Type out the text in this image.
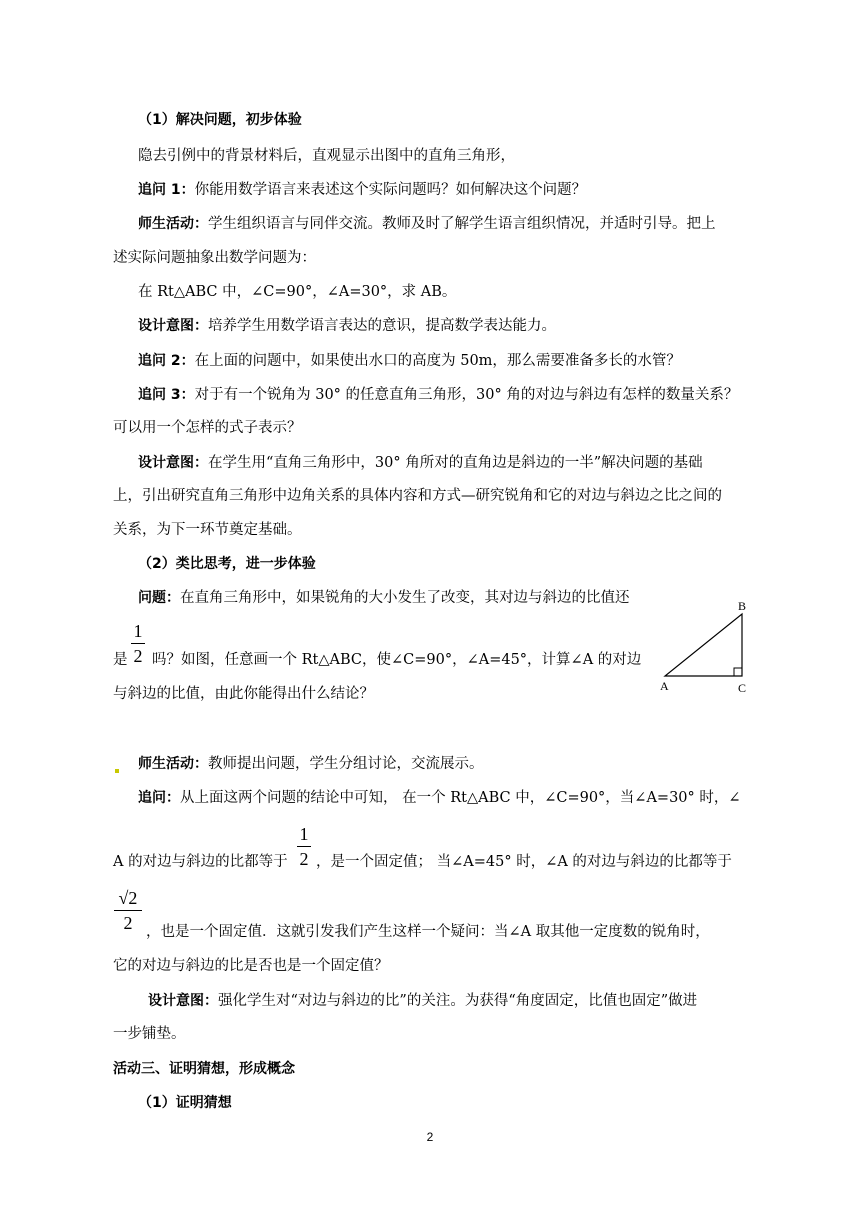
（1）解决问题，初步体验
隐去引例中的背景材料后，直观显示出图中的直角三角形，
追问 1：你能用数学语言来表述这个实际问题吗？如何解决这个问题？
师生活动：学生组织语言与同伴交流。教师及时了解学生语言组织情况，并适时引导。把上
述实际问题抽象出数学问题为：
在 Rt△ABC 中，∠C=90°，∠A=30°，求 AB。
设计意图：培养学生用数学语言表达的意识，提高数学表达能力。
追问 2：在上面的问题中，如果使出水口的高度为 50m，那么需要准备多长的水管？
追问 3：对于有一个锐角为 30° 的任意直角三角形，30° 角的对边与斜边有怎样的数量关系？
可以用一个怎样的式子表示？
设计意图：在学生用“直角三角形中，30° 角所对的直角边是斜边的一半”解决问题的基础
上，引出研究直角三角形中边角关系的具体内容和方式—研究锐角和它的对边与斜边之比之间的
关系，为下一环节奠定基础。
（2）类比思考，进一步体验
问题：在直角三角形中，如果锐角的大小发生了改变，其对边与斜边的比值还
是
1
2 吗？如图，任意画一个 Rt△ABC，使∠C=90°，∠A=45°，计算∠A 的对边
与斜边的比值，由此你能得出什么结论？
B
A	C
师生活动：教师提出问题，学生分组讨论，交流展示。
追问：从上面这两个问题的结论中可知， 在一个 Rt△ABC 中，∠C=90°，当∠A=30° 时，∠
A 的对边与斜边的比都等于
1
2 ，是一个固定值； 当∠A=45° 时，∠A 的对边与斜边的比都等于
√2
2 ，也是一个固定值．这就引发我们产生这样一个疑问：当∠A 取其他一定度数的锐角时，
它的对边与斜边的比是否也是一个固定值？
设计意图：强化学生对“对边与斜边的比”的关注。为获得“角度固定，比值也固定”做进
一步铺垫。
活动三、证明猜想，形成概念
（1）证明猜想
2
